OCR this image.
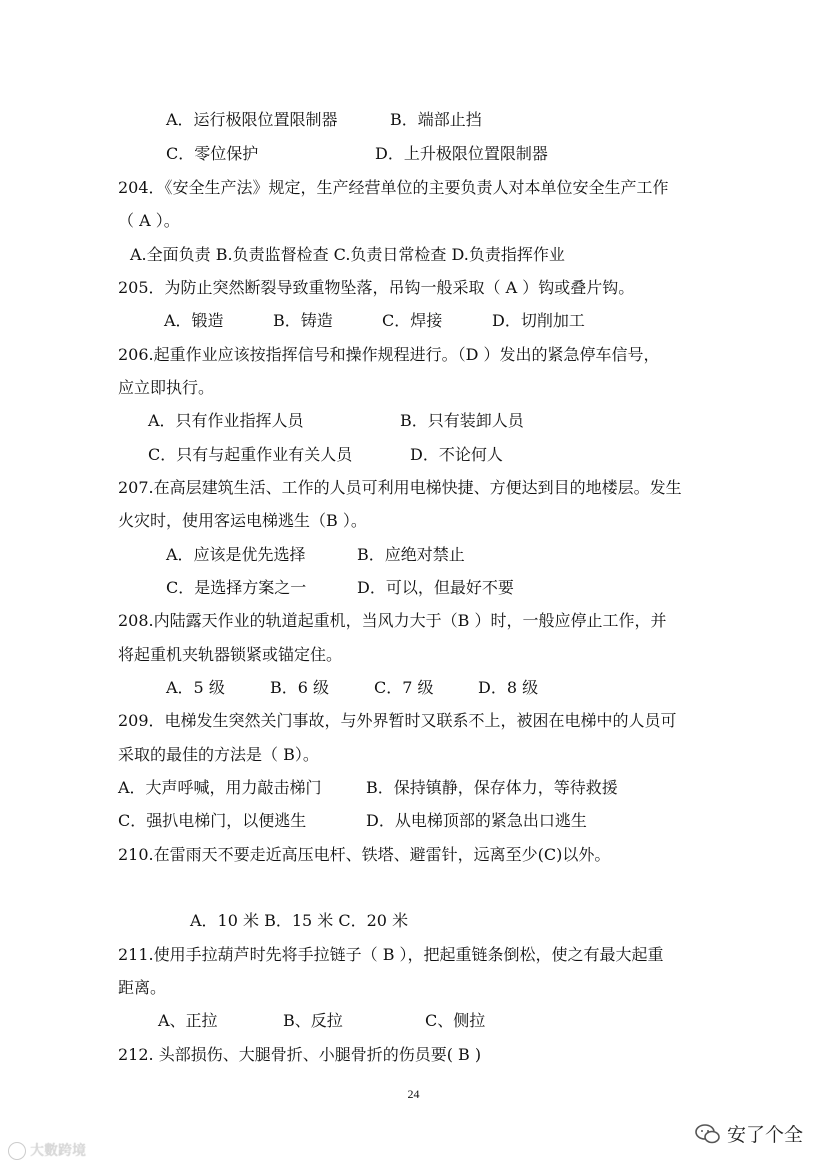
A．运行极限位置限制器	B．端部止挡
C．零位保护	D．上升极限位置限制器
204．《安全生产法》规定，生产经营单位的主要负责人对本单位安全生产工作
（ A ）。
A.全面负责 B.负责监督检查 C.负责日常检查 D.负责指挥作业
205．为防止突然断裂导致重物坠落，吊钩一般采取（ A ）钩或叠片钩。
A．锻造	B．铸造	C．焊接	D．切削加工
206.起重作业应该按指挥信号和操作规程进行。（D ）发出的紧急停车信号，
应立即执行。
A．只有作业指挥人员	B．只有装卸人员
C．只有与起重作业有关人员	D．不论何人
207.在高层建筑生活、工作的人员可利用电梯快捷、方便达到目的地楼层。发生
火灾时，使用客运电梯逃生（B ）。
A．应该是优先选择	B．应绝对禁止
C．是选择方案之一	D．可以，但最好不要
208.内陆露天作业的轨道起重机，当风力大于（B ）时，一般应停止工作，并
将起重机夹轨器锁紧或锚定住。
A．5 级	B．6 级	C．7 级	D．8 级
209．电梯发生突然关门事故，与外界暂时又联系不上，被困在电梯中的人员可
采取的最佳的方法是（ B）。
A．大声呼喊，用力敲击梯门	B．保持镇静，保存体力，等待救援
C．强扒电梯门，以便逃生	D．从电梯顶部的紧急出口逃生
210.在雷雨天不要走近高压电杆、铁塔、避雷针，远离至少(C)以外。
A．10 米 B．15 米 C．20 米
211.使用手拉葫芦时先将手拉链子（ B ），把起重链条倒松，使之有最大起重
距离。
A、正拉	B、反拉	C、侧拉
212. 头部损伤、大腿骨折、小腿骨折的伤员要( B )
24
大數跨境
安了个全
